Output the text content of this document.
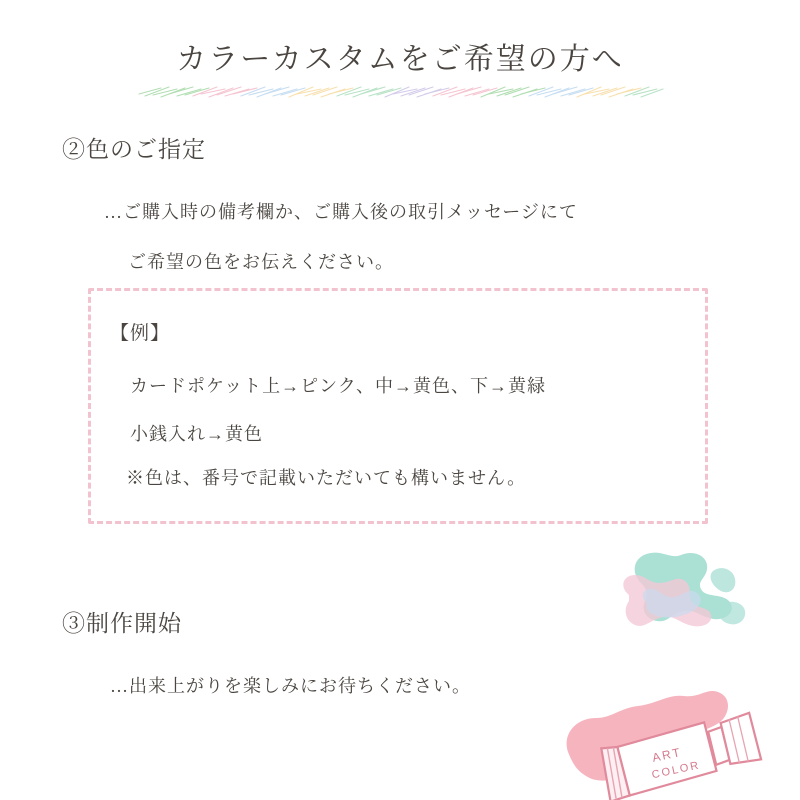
カラーカスタムをご希望の方へ
②色のご指定
…ご購入時の備考欄か、ご購入後の取引メッセージにて
ご希望の色をお伝えください。
【例】
カードポケット上→ピンク、中→黄色、下→黄緑
小銭入れ→黄色
※色は、番号で記載いただいても構いません。
③制作開始
…出来上がりを楽しみにお待ちください。
ART
COLOR
